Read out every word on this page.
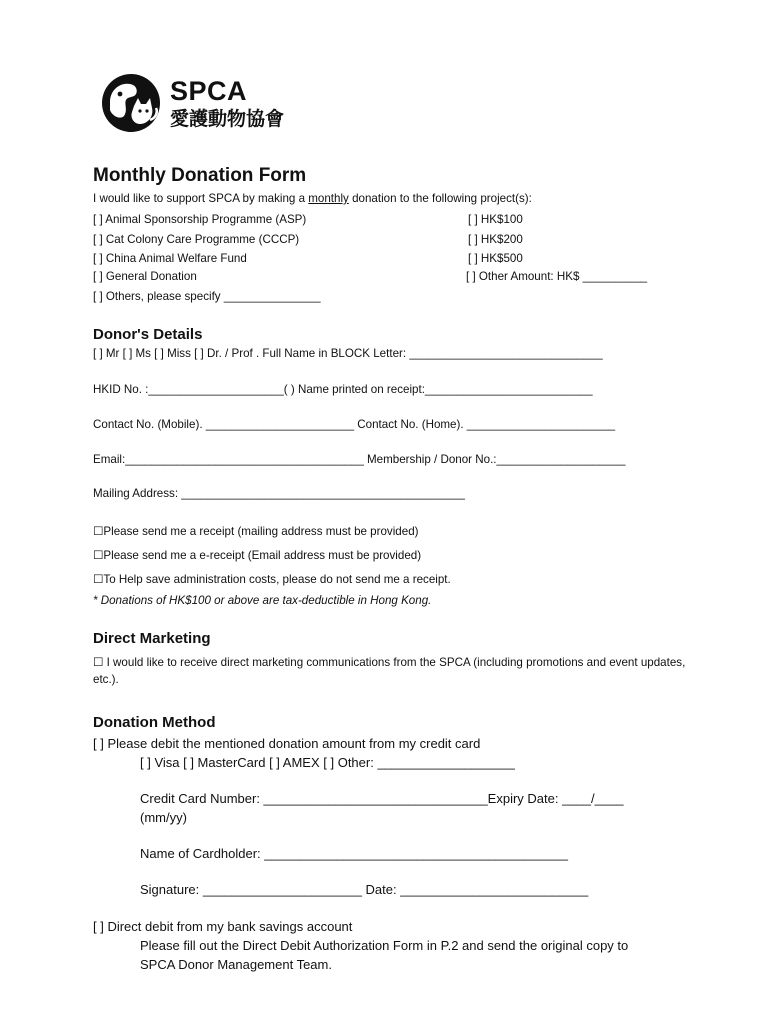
SPCA
愛護動物協會
Monthly Donation Form
I would like to support SPCA by making a monthly donation to the following project(s):
[ ] Animal Sponsorship Programme (ASP)
[ ] Cat Colony Care Programme (CCCP)
[ ] China Animal Welfare Fund
[ ] General Donation
[ ] Others, please specify _______________
[ ] HK$100
[ ] HK$200
[ ] HK$500
[ ] Other Amount: HK$ __________
Donor's Details
[ ] Mr [ ] Ms [ ] Miss [ ] Dr. / Prof . Full Name in BLOCK Letter: ______________________________
HKID No. :_____________________( ) Name printed on receipt:__________________________
Contact No. (Mobile). _______________________ Contact No. (Home). _______________________
Email:_____________________________________ Membership / Donor No.:____________________
Mailing Address: ____________________________________________
☐Please send me a receipt (mailing address must be provided)
☐Please send me a e-receipt (Email address must be provided)
☐To Help save administration costs, please do not send me a receipt.
* Donations of HK$100 or above are tax-deductible in Hong Kong.
Direct Marketing
☐ I would like to receive direct marketing communications from the SPCA (including promotions and event updates, etc.).
Donation Method
[ ] Please debit the mentioned donation amount from my credit card
[ ] Visa [ ] MasterCard [ ] AMEX [ ] Other: ___________________
Credit Card Number: _______________________________Expiry Date: ____/____
(mm/yy)
Name of Cardholder: __________________________________________
Signature: ______________________ Date: __________________________
[ ] Direct debit from my bank savings account
Please fill out the Direct Debit Authorization Form in P.2 and send the original copy to
SPCA Donor Management Team.
